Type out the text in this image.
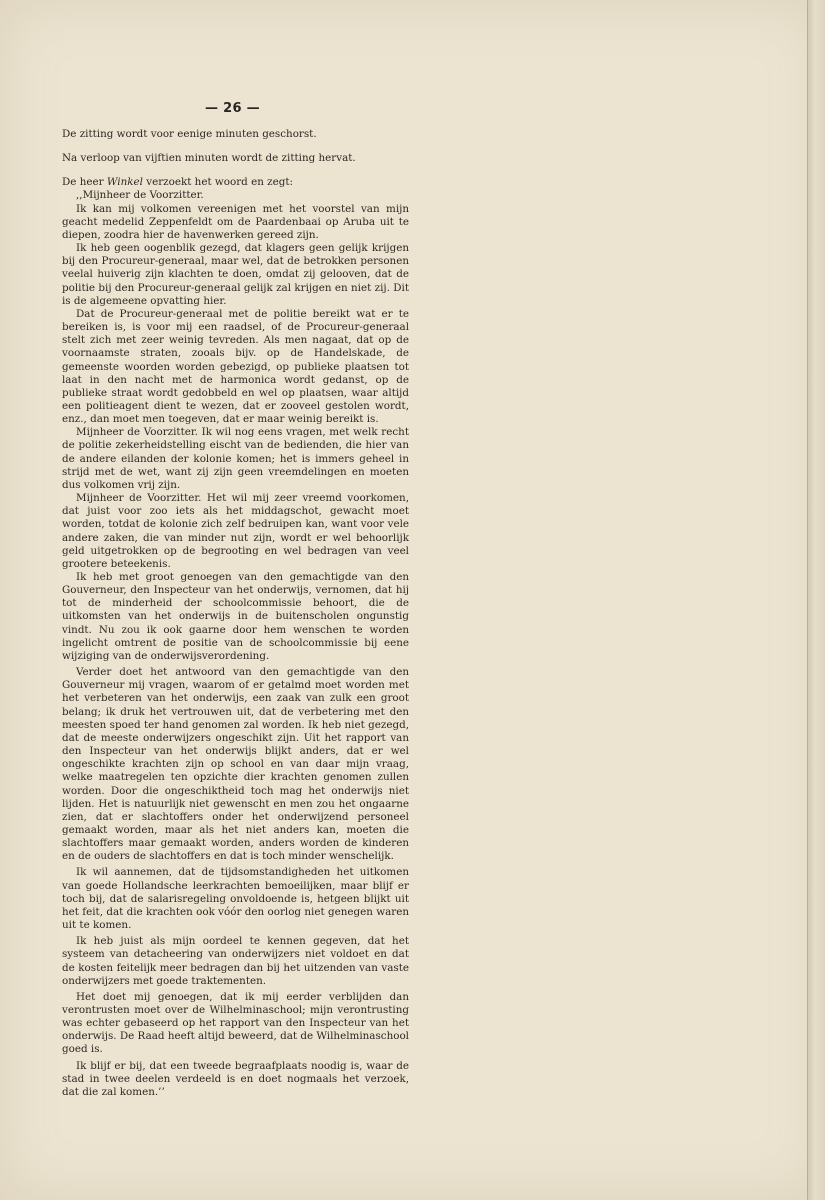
— 26 —

De zitting wordt voor eenige minuten geschorst.

Na verloop van vijftien minuten wordt de zitting hervat.

De heer Winkel verzoekt het woord en zegt:

,,Mijnheer de Voorzitter.

Ik kan mij volkomen vereenigen met het voorstel van mijn geacht medelid Zeppenfeldt om de Paardenbaai op Aruba uit te diepen, zoodra hier de havenwerken gereed zijn.

Ik heb geen oogenblik gezegd, dat klagers geen gelijk krijgen bij den Procureur-generaal, maar wel, dat de betrokken personen veelal huiverig zijn klachten te doen, omdat zij gelooven, dat de politie bij den Procureur-generaal gelijk zal krijgen en niet zij. Dit is de algemeene opvatting hier.

Dat de Procureur-generaal met de politie bereikt wat er te bereiken is, is voor mij een raadsel, of de Procureur-generaal stelt zich met zeer weinig tevreden. Als men nagaat, dat op de voornaamste straten, zooals bijv. op de Handelskade, de gemeenste woorden worden gebezigd, op publieke plaatsen tot laat in den nacht met de harmonica wordt gedanst, op de publieke straat wordt gedobbeld en wel op plaatsen, waar altijd een politieagent dient te wezen, dat er zooveel gestolen wordt, enz., dan moet men toegeven, dat er maar weinig bereikt is.

Mijnheer de Voorzitter. Ik wil nog eens vragen, met welk recht de politie zekerheidstelling eischt van de bedienden, die hier van de andere eilanden der kolonie komen; het is immers geheel in strijd met de wet, want zij zijn geen vreemdelingen en moeten dus volkomen vrij zijn.

Mijnheer de Voorzitter. Het wil mij zeer vreemd voorkomen, dat juist voor zoo iets als het middagschot, gewacht moet worden, totdat de kolonie zich zelf bedruipen kan, want voor vele andere zaken, die van minder nut zijn, wordt er wel behoorlijk geld uitgetrokken op de begrooting en wel bedragen van veel grootere beteekenis.

Ik heb met groot genoegen van den gemachtigde van den Gouverneur, den Inspecteur van het onderwijs, vernomen, dat hij tot de minderheid der schoolcommissie behoort, die de uitkomsten van het onderwijs in de buitenscholen ongunstig vindt. Nu zou ik ook gaarne door hem wenschen te worden ingelicht omtrent de positie van de schoolcommissie bij eene wijziging van de onderwijsverordening.

Verder doet het antwoord van den gemachtigde van den Gouverneur mij vragen, waarom of er getalmd moet worden met het verbeteren van het onderwijs, een zaak van zulk een groot belang; ik druk het vertrouwen uit, dat de verbetering met den meesten spoed ter hand genomen zal worden. Ik heb niet gezegd, dat de meeste onderwijzers ongeschikt zijn. Uit het rapport van den Inspecteur van het onderwijs blijkt anders, dat er wel ongeschikte krachten zijn op school en van daar mijn vraag, welke maatregelen ten opzichte dier krachten genomen zullen worden. Door die ongeschiktheid toch mag het onderwijs niet lijden. Het is natuurlijk niet gewenscht en men zou het ongaarne zien, dat er slachtoffers onder het onderwijzend personeel gemaakt worden, maar als het niet anders kan, moeten die slachtoffers maar gemaakt worden, anders worden de kinderen en de ouders de slachtoffers en dat is toch minder wenschelijk.

Ik wil aannemen, dat de tijdsomstandigheden het uitkomen van goede Hollandsche leerkrachten bemoeilijken, maar blijf er toch bij, dat de salarisregeling onvoldoende is, hetgeen blijkt uit het feit, dat die krachten ook vóór den oorlog niet genegen waren uit te komen.

Ik heb juist als mijn oordeel te kennen gegeven, dat het systeem van detacheering van onderwijzers niet voldoet en dat de kosten feitelijk meer bedragen dan bij het uitzenden van vaste onderwijzers met goede traktementen.

Het doet mij genoegen, dat ik mij eerder verblijden dan verontrusten moet over de Wilhelminaschool; mijn verontrusting was echter gebaseerd op het rapport van den Inspecteur van het onderwijs. De Raad heeft altijd beweerd, dat de Wilhelminaschool goed is.

Ik blijf er bij, dat een tweede begraafplaats noodig is, waar de stad in twee deelen verdeeld is en doet nogmaals het verzoek, dat die zal komen.’’
